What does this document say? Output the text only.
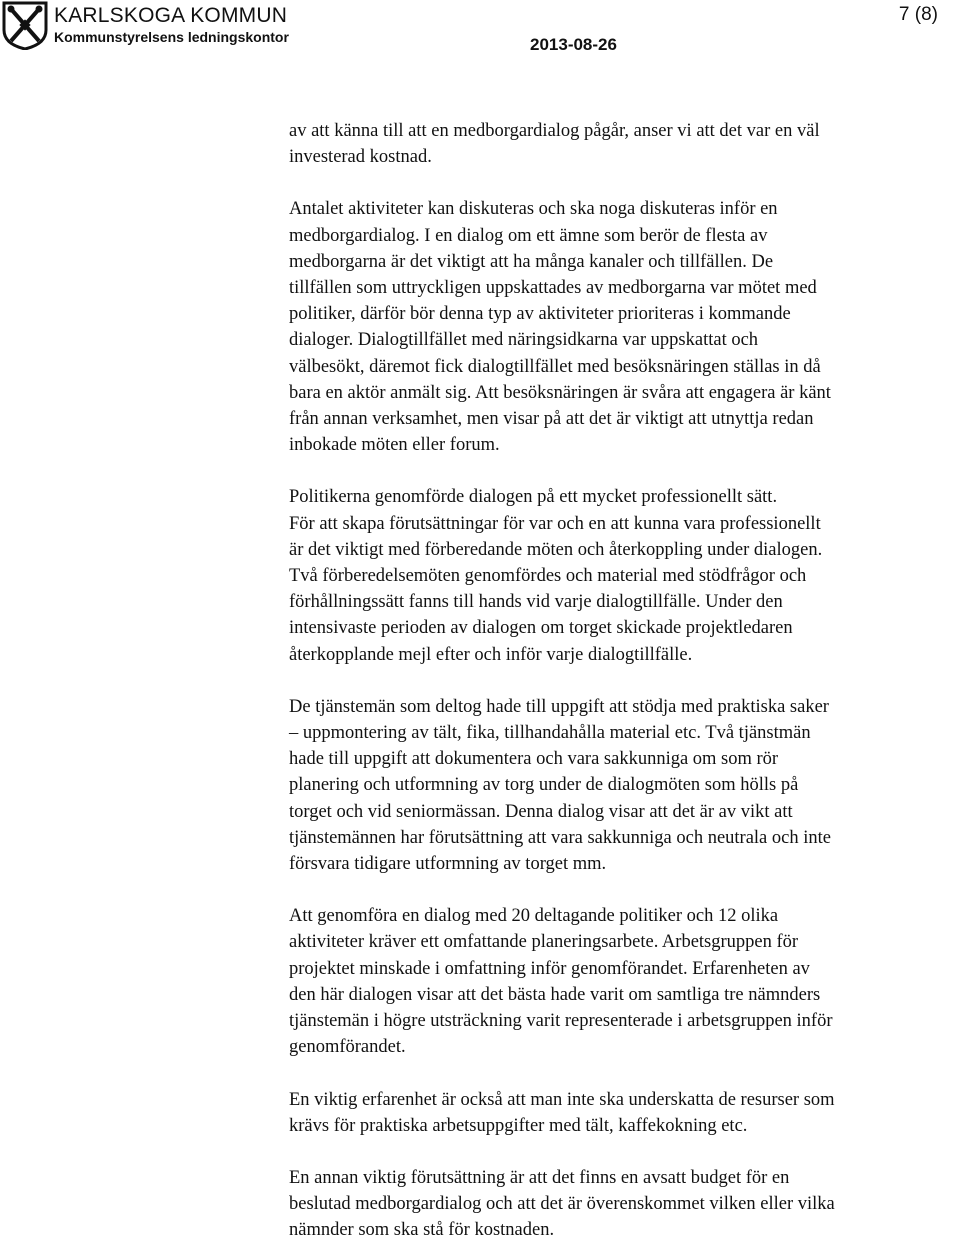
KARLSKOGA KOMMUN
Kommunstyrelsens ledningskontor	2013-08-26
7 (8)

av att känna till att en medborgardialog pågår, anser vi att det var en väl

investerad kostnad.

Antalet aktiviteter kan diskuteras och ska noga diskuteras inför en

medborgardialog. I en dialog om ett ämne som berör de flesta av

medborgarna är det viktigt att ha många kanaler och tillfällen. De

tillfällen som uttryckligen uppskattades av medborgarna var mötet med

politiker, därför bör denna typ av aktiviteter prioriteras i kommande

dialoger. Dialogtillfället med näringsidkarna var uppskattat och

välbesökt, däremot fick dialogtillfället med besöksnäringen ställas in då

bara en aktör anmält sig. Att besöksnäringen är svåra att engagera är känt

från annan verksamhet, men visar på att det är viktigt att utnyttja redan

inbokade möten eller forum.

Politikerna genomförde dialogen på ett mycket professionellt sätt.

För att skapa förutsättningar för var och en att kunna vara professionellt

är det viktigt med förberedande möten och återkoppling under dialogen.

Två förberedelsemöten genomfördes och material med stödfrågor och

förhållningssätt fanns till hands vid varje dialogtillfälle. Under den

intensivaste perioden av dialogen om torget skickade projektledaren

återkopplande mejl efter och inför varje dialogtillfälle.

De tjänstemän som deltog hade till uppgift att stödja med praktiska saker

– uppmontering av tält, fika, tillhandahålla material etc. Två tjänstmän

hade till uppgift att dokumentera och vara sakkunniga om som rör

planering och utformning av torg under de dialogmöten som hölls på

torget och vid seniormässan. Denna dialog visar att det är av vikt att

tjänstemännen har förutsättning att vara sakkunniga och neutrala och inte

försvara tidigare utformning av torget mm.

Att genomföra en dialog med 20 deltagande politiker och 12 olika

aktiviteter kräver ett omfattande planeringsarbete. Arbetsgruppen för

projektet minskade i omfattning inför genomförandet. Erfarenheten av

den här dialogen visar att det bästa hade varit om samtliga tre nämnders

tjänstemän i högre utsträckning varit representerade i arbetsgruppen inför

genomförandet.

En viktig erfarenhet är också att man inte ska underskatta de resurser som

krävs för praktiska arbetsuppgifter med tält, kaffekokning etc.

En annan viktig förutsättning är att det finns en avsatt budget för en

beslutad medborgardialog och att det är överenskommet vilken eller vilka

nämnder som ska stå för kostnaden.
